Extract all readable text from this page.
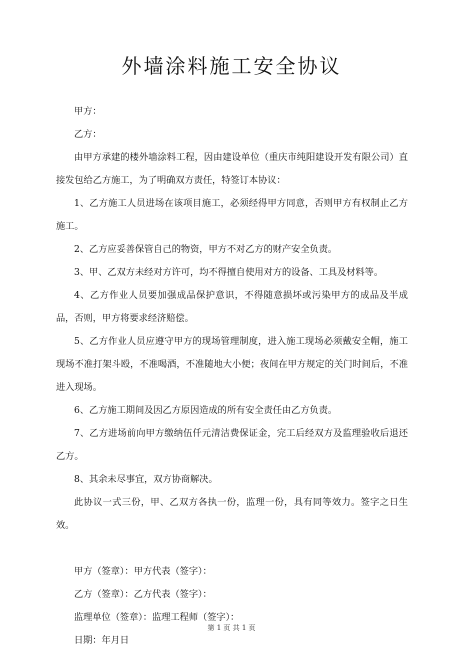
外墙涂料施工安全协议

甲方：

乙方：

由甲方承建的楼外墙涂料工程，因由建设单位（重庆市纯阳建设开发有限公司）直接发包给乙方施工，为了明确双方责任，特签订本协议：

1、乙方施工人员进场在该项目施工，必须经得甲方同意，否则甲方有权制止乙方施工。

2、乙方应妥善保管自己的物资，甲方不对乙方的财产安全负责。

3、甲、乙双方未经对方许可，均不得擅自使用对方的设备、工具及材料等。

4、乙方作业人员要加强成品保护意识，不得随意损坏或污染甲方的成品及半成品，否则，甲方将要求经济赔偿。

5、乙方作业人员应遵守甲方的现场管理制度，进入施工现场必须戴安全帽，施工现场不准打架斗殴，不准喝酒，不准随地大小便；夜间在甲方规定的关门时间后，不准进入现场。

6、乙方施工期间及因乙方原因造成的所有安全责任由乙方负责。

7、乙方进场前向甲方缴纳伍仟元清洁费保证金，完工后经双方及监理验收后退还乙方。

8、其余未尽事宜，双方协商解决。

此协议一式三份，甲、乙双方各执一份，监理一份，具有同等效力。签字之日生效。

甲方（签章）：甲方代表（签字）：

乙方（签章）：乙方代表（签字）：

监理单位（签章）：监理工程师（签字）：

日期：年月日

第 1 页 共 1 页
